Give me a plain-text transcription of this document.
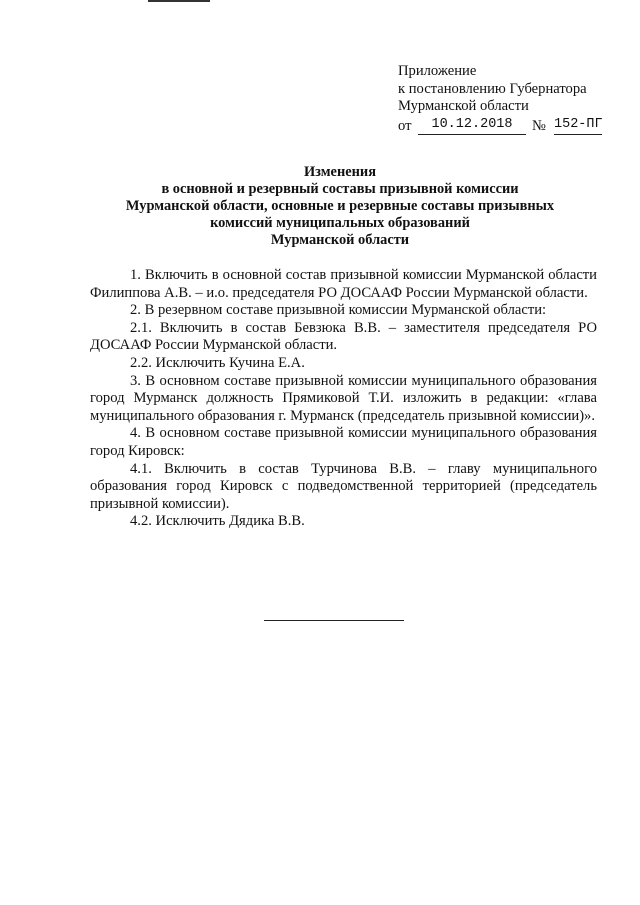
Приложение
к постановлению Губернатора
Мурманской области
от	10.12.2018	№ 152-ПГ
Изменения
в основной и резервный составы призывной комиссии
Мурманской области, основные и резервные составы призывных
комиссий муниципальных образований
Мурманской области

1. Включить в основной состав призывной комиссии Мурманской области Филиппова А.В. – и.о. председателя РО ДОСААФ России Мурманской области.

2. В резервном составе призывной комиссии Мурманской области:

2.1. Включить в состав Бевзюка В.В. – заместителя председателя РО ДОСААФ России Мурманской области.

2.2. Исключить Кучина Е.А.

3. В основном составе призывной комиссии муниципального образования город Мурманск должность Прямиковой Т.И. изложить в редакции: «глава муниципального образования г. Мурманск (председатель призывной комиссии)».

4. В основном составе призывной комиссии муниципального образования город Кировск:

4.1. Включить в состав Турчинова В.В. – главу муниципального образования город Кировск с подведомственной территорией (председатель призывной комиссии).

4.2. Исключить Дядика В.В.
